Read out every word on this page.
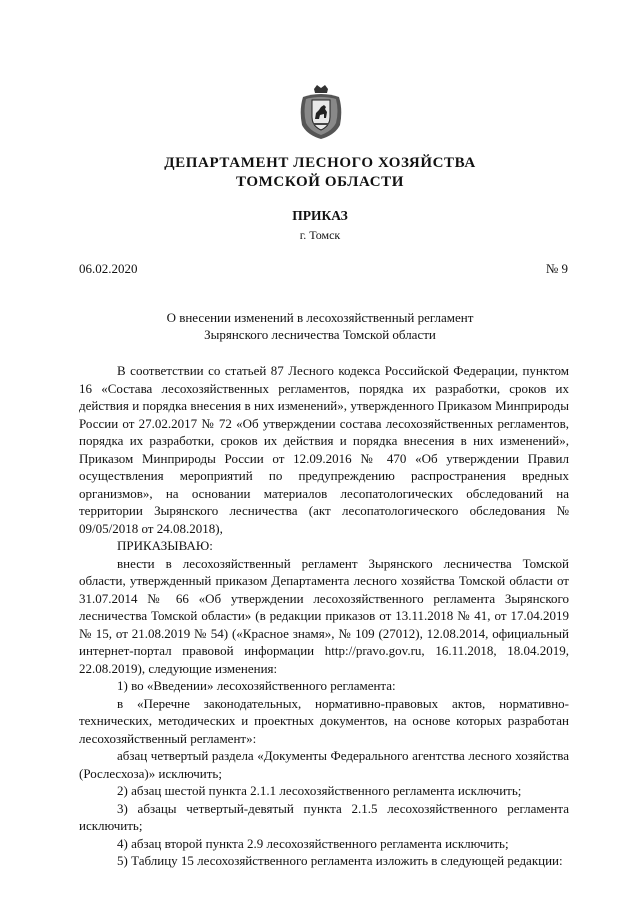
ДЕПАРТАМЕНТ ЛЕСНОГО ХОЗЯЙСТВА
ТОМСКОЙ ОБЛАСТИ
ПРИКАЗ
г. Томск
06.02.2020	№ 9
О внесении изменений в лесохозяйственный регламент
Зырянского лесничества Томской области

В соответствии со статьей 87 Лесного кодекса Российской Федерации, пунктом 16 «Состава лесохозяйственных регламентов, порядка их разработки, сроков их действия и порядка внесения в них изменений», утвержденного Приказом Минприроды России от 27.02.2017 № 72 «Об утверждении состава лесохозяйственных регламентов, порядка их разработки, сроков их действия и порядка внесения в них изменений», Приказом Минприроды России от 12.09.2016 № 470 «Об утверждении Правил осуществления мероприятий по предупреждению распространения вредных организмов», на основании материалов лесопатологических обследований на территории Зырянского лесничества (акт лесопатологического обследования № 09/05/2018 от 24.08.2018),

ПРИКАЗЫВАЮ:

внести в лесохозяйственный регламент Зырянского лесничества Томской области, утвержденный приказом Департамента лесного хозяйства Томской области от 31.07.2014 № 66 «Об утверждении лесохозяйственного регламента Зырянского лесничества Томской области» (в редакции приказов от 13.11.2018 № 41, от 17.04.2019 № 15, от 21.08.2019 № 54) («Красное знамя», № 109 (27012), 12.08.2014, официальный интернет-портал правовой информации http://pravo.gov.ru, 16.11.2018, 18.04.2019, 22.08.2019), следующие изменения:

1) во «Введении» лесохозяйственного регламента:

в «Перечне законодательных, нормативно-правовых актов, нормативно-технических, методических и проектных документов, на основе которых разработан лесохозяйственный регламент»:

абзац четвертый раздела «Документы Федерального агентства лесного хозяйства (Рослесхоза)» исключить;

2) абзац шестой пункта 2.1.1 лесохозяйственного регламента исключить;

3) абзацы четвертый-девятый пункта 2.1.5 лесохозяйственного регламента исключить;

4) абзац второй пункта 2.9 лесохозяйственного регламента исключить;

5) Таблицу 15 лесохозяйственного регламента изложить в следующей редакции:
